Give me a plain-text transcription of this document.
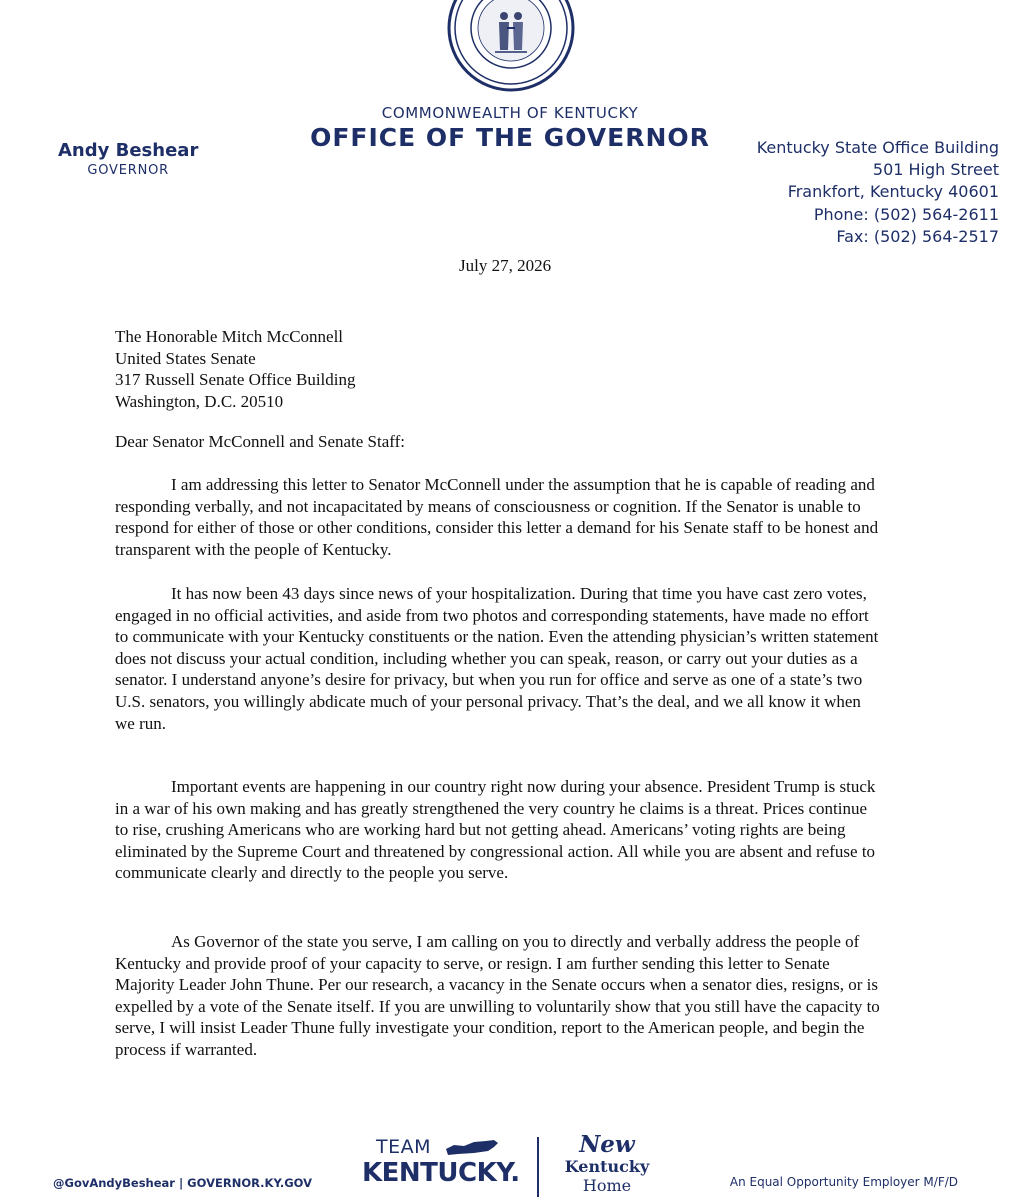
COMMONWEALTH OF KENTUCKY
OFFICE OF THE GOVERNOR
Andy Beshear
GOVERNOR
Kentucky State Office Building
501 High Street
Frankfort, Kentucky 40601
Phone: (502) 564-2611
Fax: (502) 564-2517
July 27, 2026
The Honorable Mitch McConnell
United States Senate
317 Russell Senate Office Building
Washington, D.C. 20510
Dear Senator McConnell and Senate Staff:

I am addressing this letter to Senator McConnell under the assumption that he is capable of reading and responding verbally, and not incapacitated by means of consciousness or cognition. If the Senator is unable to respond for either of those or other conditions, consider this letter a demand for his Senate staff to be honest and transparent with the people of Kentucky.

It has now been 43 days since news of your hospitalization. During that time you have cast zero votes, engaged in no official activities, and aside from two photos and corresponding statements, have made no effort to communicate with your Kentucky constituents or the nation. Even the attending physician’s written statement does not discuss your actual condition, including whether you can speak, reason, or carry out your duties as a senator. I understand anyone’s desire for privacy, but when you run for office and serve as one of a state’s two U.S. senators, you willingly abdicate much of your personal privacy. That’s the deal, and we all know it when we run.

Important events are happening in our country right now during your absence. President Trump is stuck in a war of his own making and has greatly strengthened the very country he claims is a threat. Prices continue to rise, crushing Americans who are working hard but not getting ahead. Americans’ voting rights are being eliminated by the Supreme Court and threatened by congressional action. All while you are absent and refuse to communicate clearly and directly to the people you serve.

As Governor of the state you serve, I am calling on you to directly and verbally address the people of Kentucky and provide proof of your capacity to serve, or resign. I am further sending this letter to Senate Majority Leader John Thune. Per our research, a vacancy in the Senate occurs when a senator dies, resigns, or is expelled by a vote of the Senate itself. If you are unwilling to voluntarily show that you still have the capacity to serve, I will insist Leader Thune fully investigate your condition, report to the American people, and begin the process if warranted.

@GovAndyBeshear | GOVERNOR.KY.GOV
TEAM
KENTUCKY.
New
Kentucky
Home	An Equal Opportunity Employer M/F/D
